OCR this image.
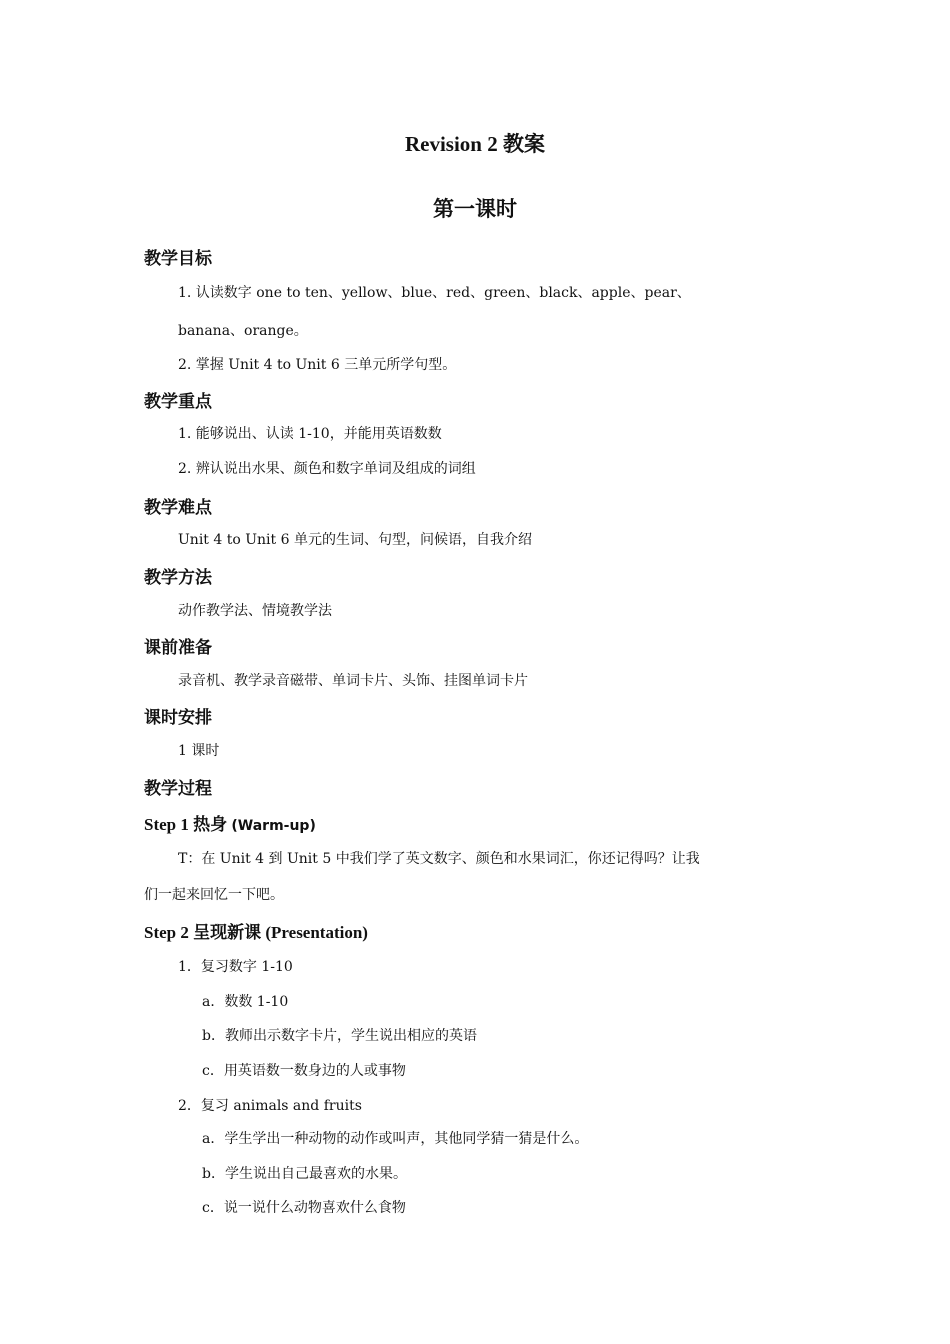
Revision 2 教案
第一课时
教学目标
1. 认读数字 one to ten、yellow、blue、red、green、black、apple、pear、
banana、orange。
2. 掌握 Unit 4 to Unit 6 三单元所学句型。
教学重点
1. 能够说出、认读 1-10，并能用英语数数
2. 辨认说出水果、颜色和数字单词及组成的词组
教学难点
Unit 4 to Unit 6 单元的生词、句型，问候语，自我介绍
教学方法
动作教学法、情境教学法
课前准备
录音机、教学录音磁带、单词卡片、头饰、挂图单词卡片
课时安排
1 课时
教学过程
Step 1 热身 (Warm-up)
T：在 Unit 4 到 Unit 5 中我们学了英文数字、颜色和水果词汇，你还记得吗？让我
们一起来回忆一下吧。
Step 2 呈现新课 (Presentation)
1．复习数字 1-10
a．数数 1-10
b．教师出示数字卡片，学生说出相应的英语
c．用英语数一数身边的人或事物
2．复习 animals and fruits
a．学生学出一种动物的动作或叫声，其他同学猜一猜是什么。
b．学生说出自己最喜欢的水果。
c．说一说什么动物喜欢什么食物
